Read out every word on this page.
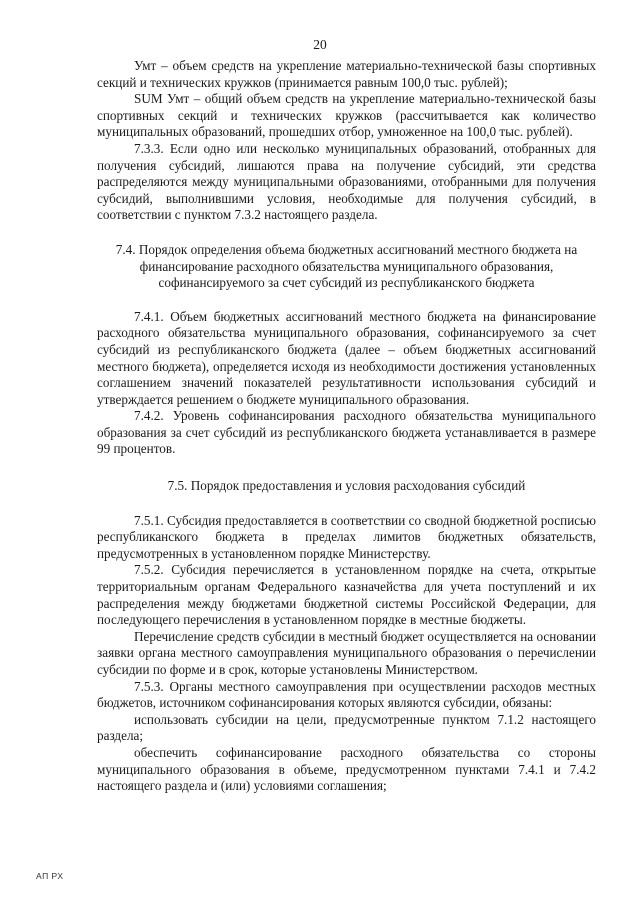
20

Умт – объем средств на укрепление материально-технической базы спортивных секций и технических кружков (принимается равным 100,0 тыс. рублей);

SUM Умт – общий объем средств на укрепление материально-технической базы спортивных секций и технических кружков (рассчитывается как количество муниципальных образований, прошедших отбор, умноженное на 100,0 тыс. рублей).

7.3.3. Если одно или несколько муниципальных образований, отобранных для получения субсидий, лишаются права на получение субсидий, эти средства распределяются между муниципальными образованиями, отобранными для получения субсидий, выполнившими условия, необходимые для получения субсидий, в соответствии с пунктом 7.3.2 настоящего раздела.

7.4. Порядок определения объема бюджетных ассигнований местного бюджета на
финансирование расходного обязательства муниципального образования,
софинансируемого за счет субсидий из республиканского бюджета

7.4.1. Объем бюджетных ассигнований местного бюджета на финансирование расходного обязательства муниципального образования, софинансируемого за счет субсидий из республиканского бюджета (далее – объем бюджетных ассигнований местного бюджета), определяется исходя из необходимости достижения установленных соглашением значений показателей результативности использования субсидий и утверждается решением о бюджете муниципального образования.

7.4.2. Уровень софинансирования расходного обязательства муниципального образования за счет субсидий из республиканского бюджета устанавливается в размере 99 процентов.

7.5. Порядок предоставления и условия расходования субсидий

7.5.1. Субсидия предоставляется в соответствии со сводной бюджетной росписью республиканского бюджета в пределах лимитов бюджетных обязательств, предусмотренных в установленном порядке Министерству.

7.5.2. Субсидия перечисляется в установленном порядке на счета, открытые территориальным органам Федерального казначейства для учета поступлений и их распределения между бюджетами бюджетной системы Российской Федерации, для последующего перечисления в установленном порядке в местные бюджеты.

Перечисление средств субсидии в местный бюджет осуществляется на основании заявки органа местного самоуправления муниципального образования о перечислении субсидии по форме и в срок, которые установлены Министерством.

7.5.3. Органы местного самоуправления при осуществлении расходов местных бюджетов, источником софинансирования которых являются субсидии, обязаны:

использовать субсидии на цели, предусмотренные пунктом 7.1.2 настоящего раздела;

обеспечить софинансирование расходного обязательства со стороны муниципального образования в объеме, предусмотренном пунктами 7.4.1 и 7.4.2 настоящего раздела и (или) условиями соглашения;

АП РХ
